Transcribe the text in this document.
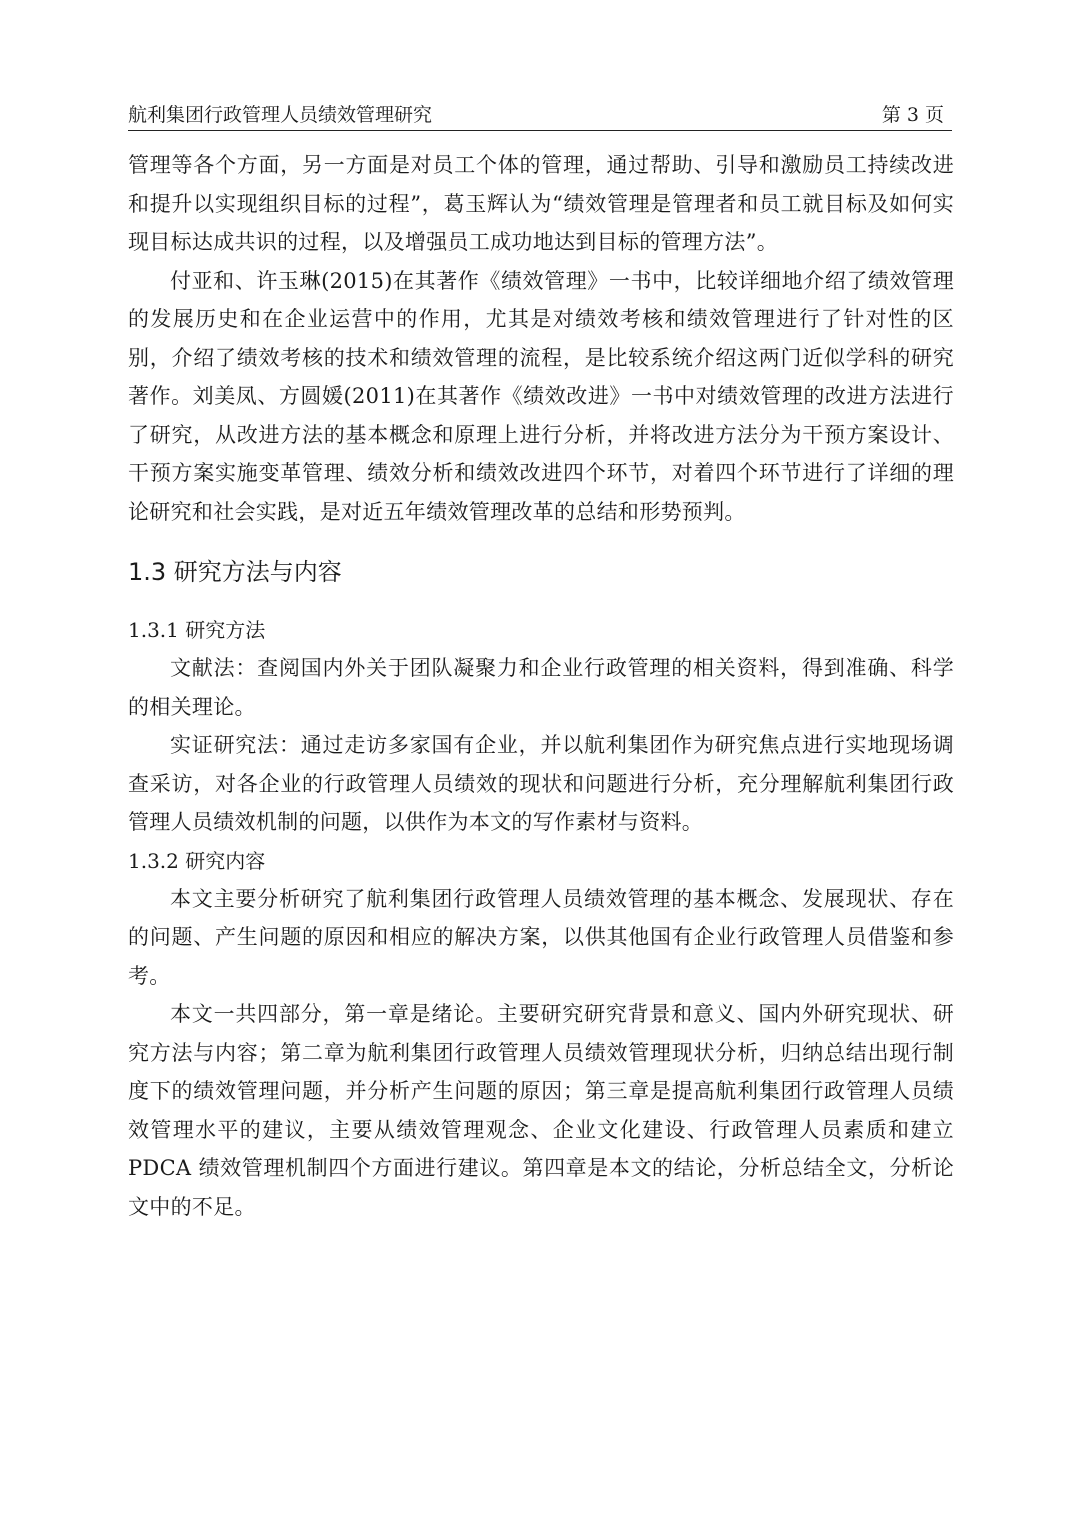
航利集团行政管理人员绩效管理研究	第 3 页

管理等各个方面，另一方面是对员工个体的管理，通过帮助、引导和激励员工持续改进和提升以实现组织目标的过程”，葛玉辉认为“绩效管理是管理者和员工就目标及如何实现目标达成共识的过程，以及增强员工成功地达到目标的管理方法”。

付亚和、许玉琳(2015)在其著作《绩效管理》一书中，比较详细地介绍了绩效管理的发展历史和在企业运营中的作用，尤其是对绩效考核和绩效管理进行了针对性的区别，介绍了绩效考核的技术和绩效管理的流程，是比较系统介绍这两门近似学科的研究著作。刘美凤、方圆媛(2011)在其著作《绩效改进》一书中对绩效管理的改进方法进行了研究，从改进方法的基本概念和原理上进行分析，并将改进方法分为干预方案设计、干预方案实施变革管理、绩效分析和绩效改进四个环节，对着四个环节进行了详细的理论研究和社会实践，是对近五年绩效管理改革的总结和形势预判。

1.3 研究方法与内容
1.3.1 研究方法

文献法：查阅国内外关于团队凝聚力和企业行政管理的相关资料，得到准确、科学的相关理论。

实证研究法：通过走访多家国有企业，并以航利集团作为研究焦点进行实地现场调查采访，对各企业的行政管理人员绩效的现状和问题进行分析，充分理解航利集团行政管理人员绩效机制的问题，以供作为本文的写作素材与资料。

1.3.2 研究内容

本文主要分析研究了航利集团行政管理人员绩效管理的基本概念、发展现状、存在的问题、产生问题的原因和相应的解决方案，以供其他国有企业行政管理人员借鉴和参考。

本文一共四部分，第一章是绪论。主要研究研究背景和意义、国内外研究现状、研究方法与内容；第二章为航利集团行政管理人员绩效管理现状分析，归纳总结出现行制度下的绩效管理问题，并分析产生问题的原因；第三章是提高航利集团行政管理人员绩效管理水平的建议，主要从绩效管理观念、企业文化建设、行政管理人员素质和建立PDCA 绩效管理机制四个方面进行建议。第四章是本文的结论，分析总结全文，分析论文中的不足。
